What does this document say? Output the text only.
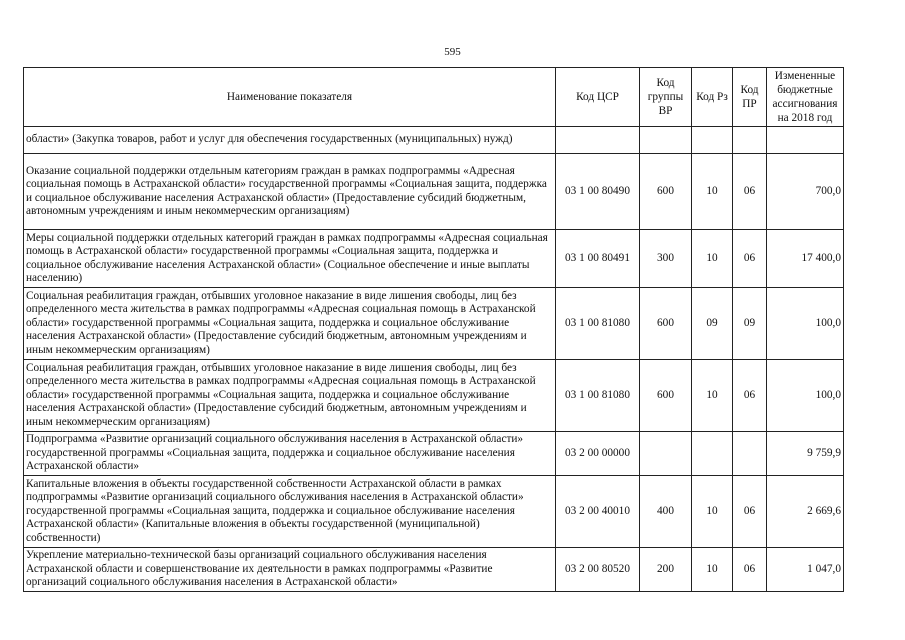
595
Наименование показателя	Код ЦСР	Код группы ВР	Код Рз	Код ПР	Измененные бюджетные ассигнования на 2018 год
области» (Закупка товаров, работ и услуг для обеспечения государственных (муниципальных) нужд)					
Оказание социальной поддержки отдельным категориям граждан в рамках подпрограммы «Адресная социальная помощь в Астраханской области» государственной программы «Социальная защита, поддержка и социальное обслуживание населения Астраханской области» (Предоставление субсидий бюджетным, автономным учреждениям и иным некоммерческим организациям)	03 1 00 80490	600	10	06	700,0
Меры социальной поддержки отдельных категорий граждан в рамках подпрограммы «Адресная социальная помощь в Астраханской области» государственной программы «Социальная защита, поддержка и социальное обслуживание населения Астраханской области» (Социальное обеспечение и иные выплаты населению)	03 1 00 80491	300	10	06	17 400,0
Социальная реабилитация граждан, отбывших уголовное наказание в виде лишения свободы, лиц без определенного места жительства в рамках подпрограммы «Адресная социальная помощь в Астраханской области» государственной программы «Социальная защита, поддержка и социальное обслуживание населения Астраханской области» (Предоставление субсидий бюджетным, автономным учреждениям и иным некоммерческим организациям)	03 1 00 81080	600	09	09	100,0
Социальная реабилитация граждан, отбывших уголовное наказание в виде лишения свободы, лиц без определенного места жительства в рамках подпрограммы «Адресная социальная помощь в Астраханской области» государственной программы «Социальная защита, поддержка и социальное обслуживание населения Астраханской области» (Предоставление субсидий бюджетным, автономным учреждениям и иным некоммерческим организациям)	03 1 00 81080	600	10	06	100,0
Подпрограмма «Развитие организаций социального обслуживания населения в Астраханской области» государственной программы «Социальная защита, поддержка и социальное обслуживание населения Астраханской области»	03 2 00 00000				9 759,9
Капитальные вложения в объекты государственной собственности Астраханской области в рамках подпрограммы «Развитие организаций социального обслуживания населения в Астраханской области» государственной программы «Социальная защита, поддержка и социальное обслуживание населения Астраханской области» (Капитальные вложения в объекты государственной (муниципальной) собственности)	03 2 00 40010	400	10	06	2 669,6
Укрепление материально-технической базы организаций социального обслуживания населения Астраханской области и совершенствование их деятельности в рамках подпрограммы «Развитие организаций социального обслуживания населения в Астраханской области»	03 2 00 80520	200	10	06	1 047,0
